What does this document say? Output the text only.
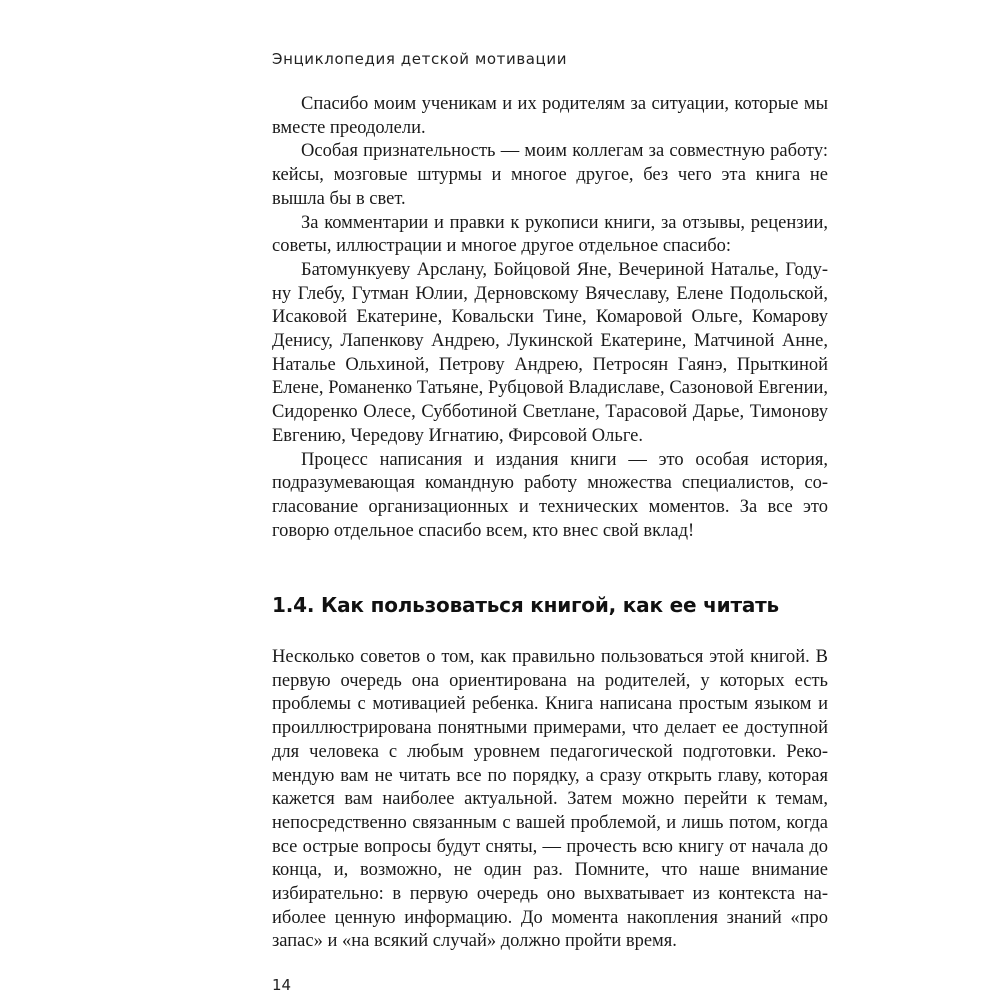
Энциклопедия детской мотивации

Спасибо моим ученикам и их родителям за ситуации, которые мы вместе преодолели.

Особая признательность — моим коллегам за совместную работу: кейсы, мозговые штурмы и многое другое, без чего эта книга не вышла бы в свет.

За комментарии и правки к рукописи книги, за отзывы, рецензии, советы, иллюстрации и многое другое отдельное спасибо:

Батомункуеву Арслану, Бойцовой Яне, Вечериной Наталье, Годуну Глебу, Гутман Юлии, Дерновскому Вячеславу, Елене Подольской, Исаковой Екатерине, Ковальски Тине, Комаровой Ольге, Комарову Денису, Лапенкову Андрею, Лукинской Екатерине, Матчиной Анне, Наталье Ольхиной, Петрову Андрею, Петросян Гаянэ, Прыткиной Елене, Романенко Татьяне, Рубцовой Владиславе, Сазоновой Евгении, Сидоренко Олесе, Субботиной Светлане, Тарасовой Дарье, Тимонову Евгению, Чередову Игнатию, Фирсовой Ольге.

Процесс написания и издания книги — это особая история, подразумевающая командную работу множества специалистов, согласование организационных и технических моментов. За все это говорю отдельное спасибо всем, кто внес свой вклад!

1.4. Как пользоваться книгой, как ее читать

Несколько советов о том, как правильно пользоваться этой книгой. В первую очередь она ориентирована на родителей, у которых есть проблемы с мотивацией ребенка. Книга написана простым языком и проиллюстрирована понятными примерами, что делает ее доступной для человека с любым уровнем педагогической подготовки. Рекомендую вам не читать все по порядку, а сразу открыть главу, которая кажется вам наиболее актуальной. Затем можно перейти к темам, непосредственно связанным с вашей проблемой, и лишь потом, когда все острые вопросы будут сняты, — прочесть всю книгу от начала до конца, и, возможно, не один раз. Помните, что наше внимание избирательно: в первую очередь оно выхватывает из контекста наиболее ценную информацию. До момента накопления знаний «про запас» и «на всякий случай» должно пройти время.

14
